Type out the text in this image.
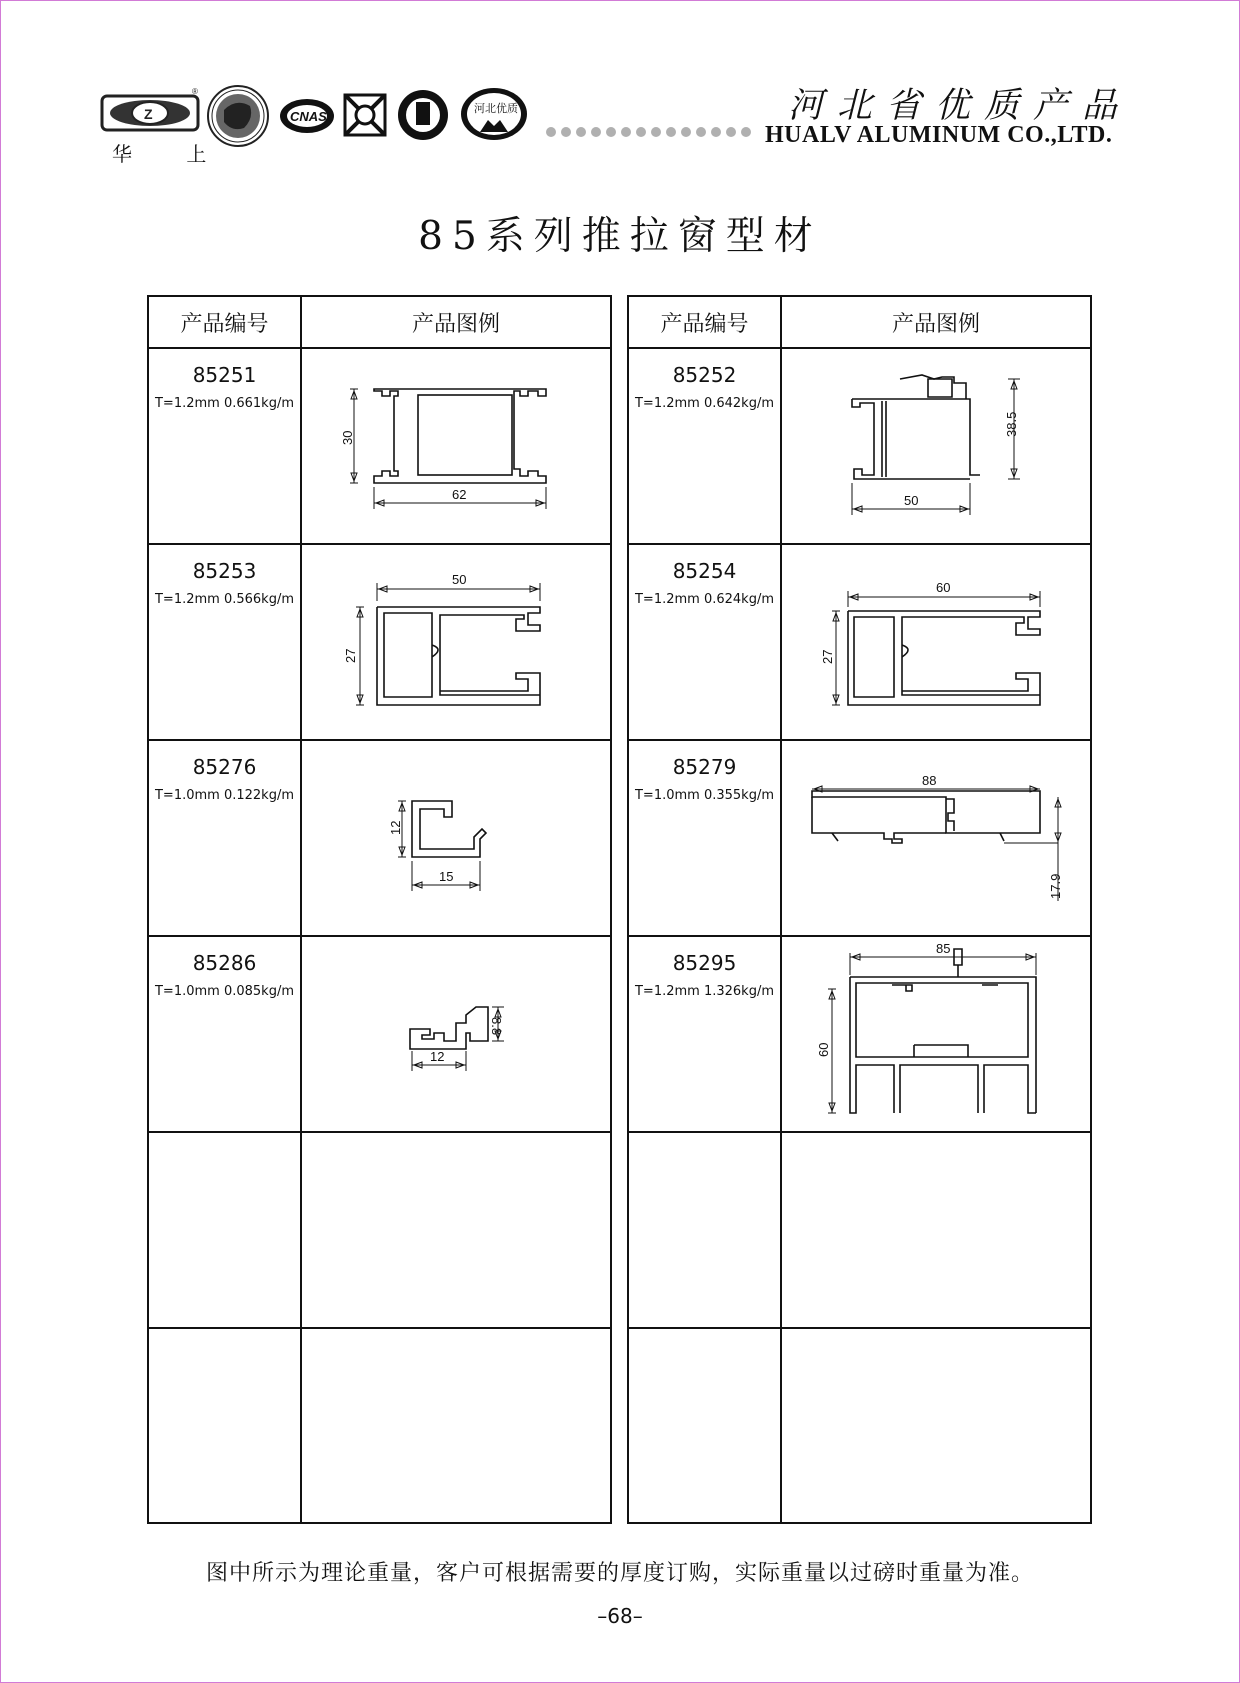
Z
®
华 上
CNAS
河北优质	河北省优质产品
HUALV ALUMINUM CO.,LTD.
85系列推拉窗型材
产品编号	产品图例
85251
T=1.2mm 0.661kg/m
30
62
85253
T=1.2mm 0.566kg/m
50
27
85276
T=1.0mm 0.122kg/m
12
15
85286
T=1.0mm 0.085kg/m
8.8
12
产品编号	产品图例
85252
T=1.2mm 0.642kg/m
38.5
50
85254
T=1.2mm 0.624kg/m
60
27
85279
T=1.0mm 0.355kg/m
88
17.9
85295
T=1.2mm 1.326kg/m
85
60
图中所示为理论重量，客户可根据需要的厚度订购，实际重量以过磅时重量为准。
–68–
